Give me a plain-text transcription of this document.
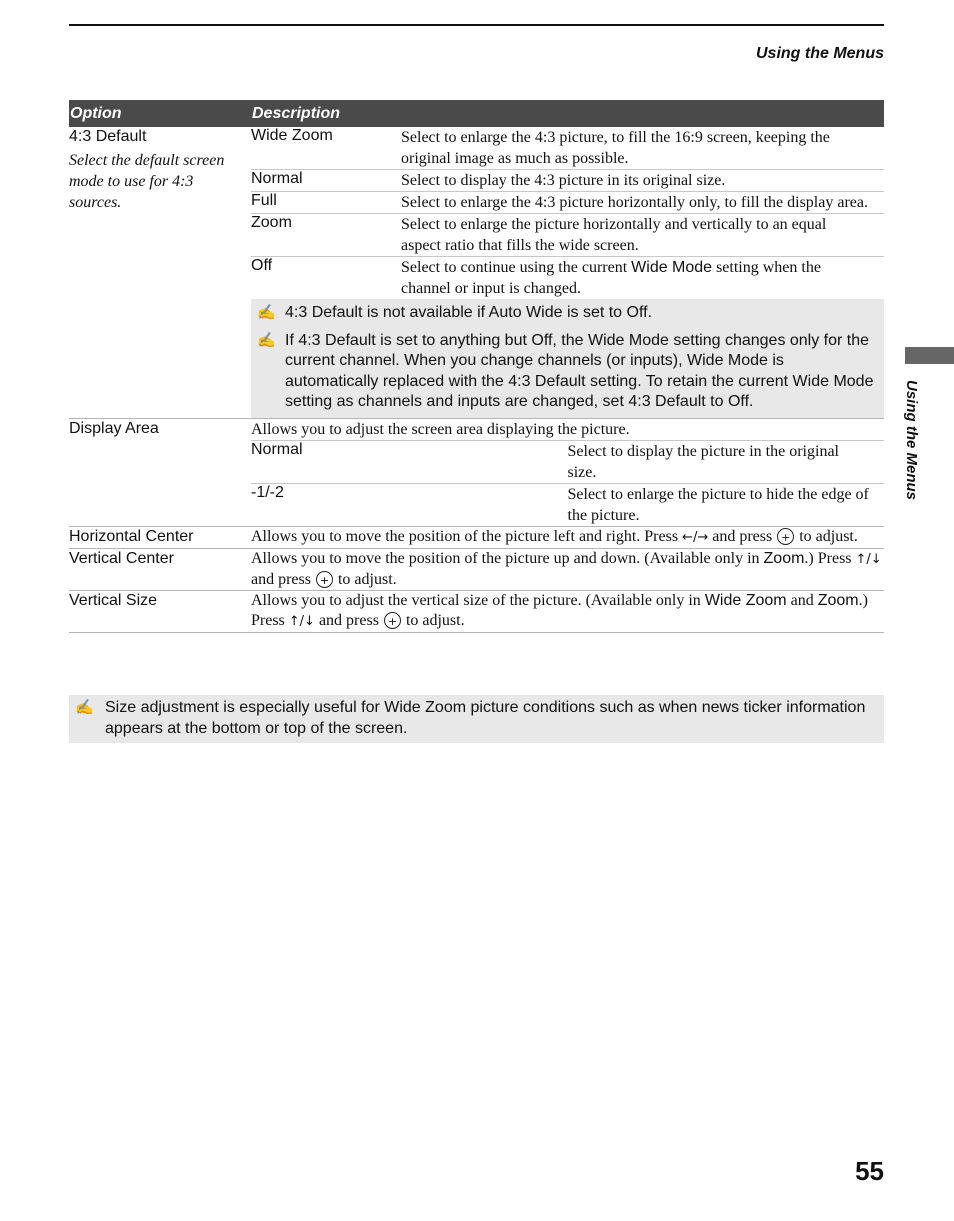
Using the Menus
Using the Menus
Option	Description

4:3 Default
Select the default screen mode to use for 4:3 sources.

Wide Zoom	Select to enlarge the 4:3 picture, to fill the 16:9 screen, keeping the original image as much as possible.
Normal	Select to display the 4:3 picture in its original size.
Full	Select to enlarge the 4:3 picture horizontally only, to fill the display area.
Zoom	Select to enlarge the picture horizontally and vertically to an equal aspect ratio that fills the wide screen.
Off	Select to continue using the current Wide Mode setting when the channel or input is changed.
✍ 4:3 Default is not available if Auto Wide is set to Off.
✍ If 4:3 Default is set to anything but Off, the Wide Mode setting changes only for the current channel. When you change channels (or inputs), Wide Mode is automatically replaced with the 4:3 Default setting. To retain the current Wide Mode setting as channels and inputs are changed, set 4:3 Default to Off.

Display Area
		Allows you to adjust the screen area displaying the picture.
Normal	Select to display the picture in the original size.
-1/-2	Select to enlarge the picture to hide the edge of the picture.

Horizontal Center	Allows you to move the position of the picture left and right. Press ←/→ and press + to adjust.

Vertical Center	Allows you to move the position of the picture up and down. (Available only in Zoom.) Press ↑/↓ and press + to adjust.

Vertical Size	Allows you to adjust the vertical size of the picture. (Available only in Wide Zoom and Zoom.) Press ↑/↓ and press + to adjust.
✍ Size adjustment is especially useful for Wide Zoom picture conditions such as when news ticker information appears at the bottom or top of the screen.
55
